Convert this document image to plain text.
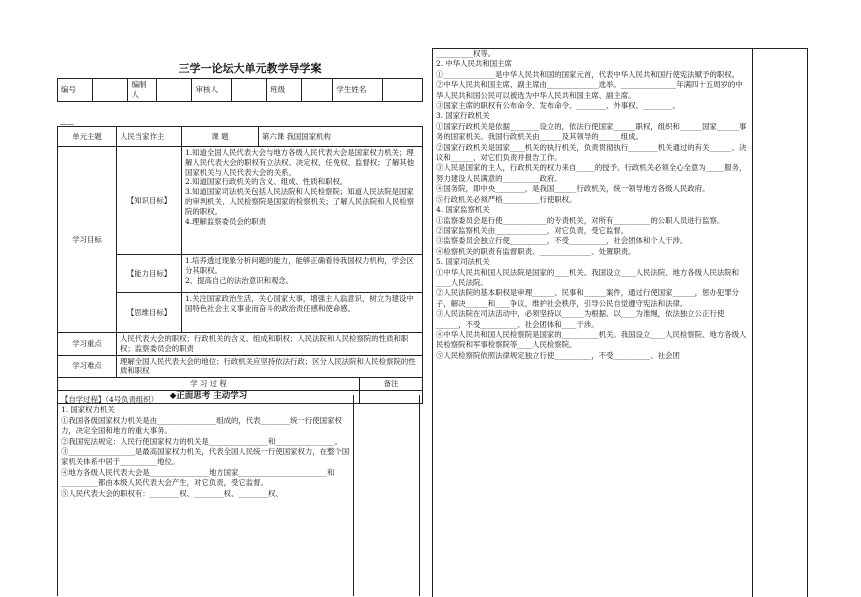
三学一论坛大单元教学导学案
编号		编制人		审核人		班级		学生姓名	
——
单元主题	人民当家作主	课 题	第六课 我国国家机构	
学习目标	【知识目标】	1.知道全国人民代表大会与地方各级人民代表大会是国家权力机关；理解人民代表大会的职权有立法权、决定权、任免权、监督权；了解其他国家机关与人民代表大会的关系。

2.知道国家行政机关的含义、组成、性质和职权。

3.知道国家司法机关包括人民法院和人民检察院；知道人民法院是国家的审判机关、人民检察院是国家的检察机关；了解人民法院和人民检察院的职权。

4.理解监察委员会的职责		

	【能力目标】	1.培养透过现象分析问题的能力，能够正确看待我国权力机构，学会区分其职权。

2、提高自己的法治意识和观念。		

	【思维目标】	1.关注国家政治生活，关心国家大事，增强主人翁意识，树立为建设中国特色社会主义事业而奋斗的政治责任感和使命感。		

学习重点	人民代表大会的职权；行政机关的含义、组成和职权；人民法院和人民检察院的性质和职权；监察委员会的职责			
学习难点	理解全国人民代表大会的地位；行政机关应坚持依法行政；区分人民法院和人民检察院的性质和职权			
学 习 过 程				备注
◆正面思考 主动学习				

【自学过程】（4号负责组织）

1. 国家权力机关

①我国各级国家权力机关是由________________组成的，代表________统一行使国家权力，决定全国和地方的重大事务。

②我国宪法规定：人民行使国家权力的机关是________________和________________。

③__________________是最高国家权力机关，代表全国人民统一行使国家权力，在整个国家机关体系中居于__________地位。

④地方各级人民代表大会是________________地方国家________________________和__________都由本级人民代表大会产生，对它负责，受它监督。

⑤人民代表大会的职权有：________权、________权、________权、

__________权等。

2. 中华人民共和国主席

①______________是中华人民共和国的国家元首，代表中华人民共和国行使宪法赋予的职权。

②中华人民共和国主席、副主席由______________选举。_______________年满四十五周岁的中华人民共和国公民可以被选为中华人民共和国主席、副主席。

③国家主席的职权有公布命令、发布命令、________、外事权、________。

3. 国家行政机关

①国家行政机关是依据________设立的，依法行使国家______职权，组织和______国家______事务的国家机关。我国行政机关由______及其领导的______组成。

②国家行政机关是国家____机关的执行机关，负责贯彻执行________机关通过的有关______、决议和______，对它们负责并报告工作。

③人民是国家的主人，行政机关的权力来自_____的授予。行政机关必须全心全意为_____服务，努力建设人民满意的__________政府。

④国务院，即中央________，是我国______行政机关，统一领导地方各级人民政府。

⑤行政机关必须严格__________行使职权。

4. 国家监察机关

①监察委员会是行使____________的专责机关，对所有__________的公职人员进行监察。

②国家监察机关由______________，对它负责，受它监督。

③监察委员会独立行使__________，不受__________，社会团体和个人干涉。

④检察机关的职责有监督职责、______________、处置职责。

5. 国家司法机关

①中华人民共和国人民法院是国家的____机关。我国设立____人民法院、地方各级人民法院和____人民法院。

②人民法院的基本职权是审理______、民事和______案件，通过行使国家______，惩办犯罪分子，解决______和____争议，维护社会秩序，引导公民自觉遵守宪法和法律。

③人民法院在司法活动中，必须坚持以______为根据、以____为准绳，依法独立公正行使______，不受__________、社会团体和____干涉。

④中华人民共和国人民检察院是国家的__________机关。我国设立____人民检察院、地方各级人民检察院和军事检察院等____人民检察院。

⑤人民检察院依照法律规定独立行使__________，不受__________、社会团
